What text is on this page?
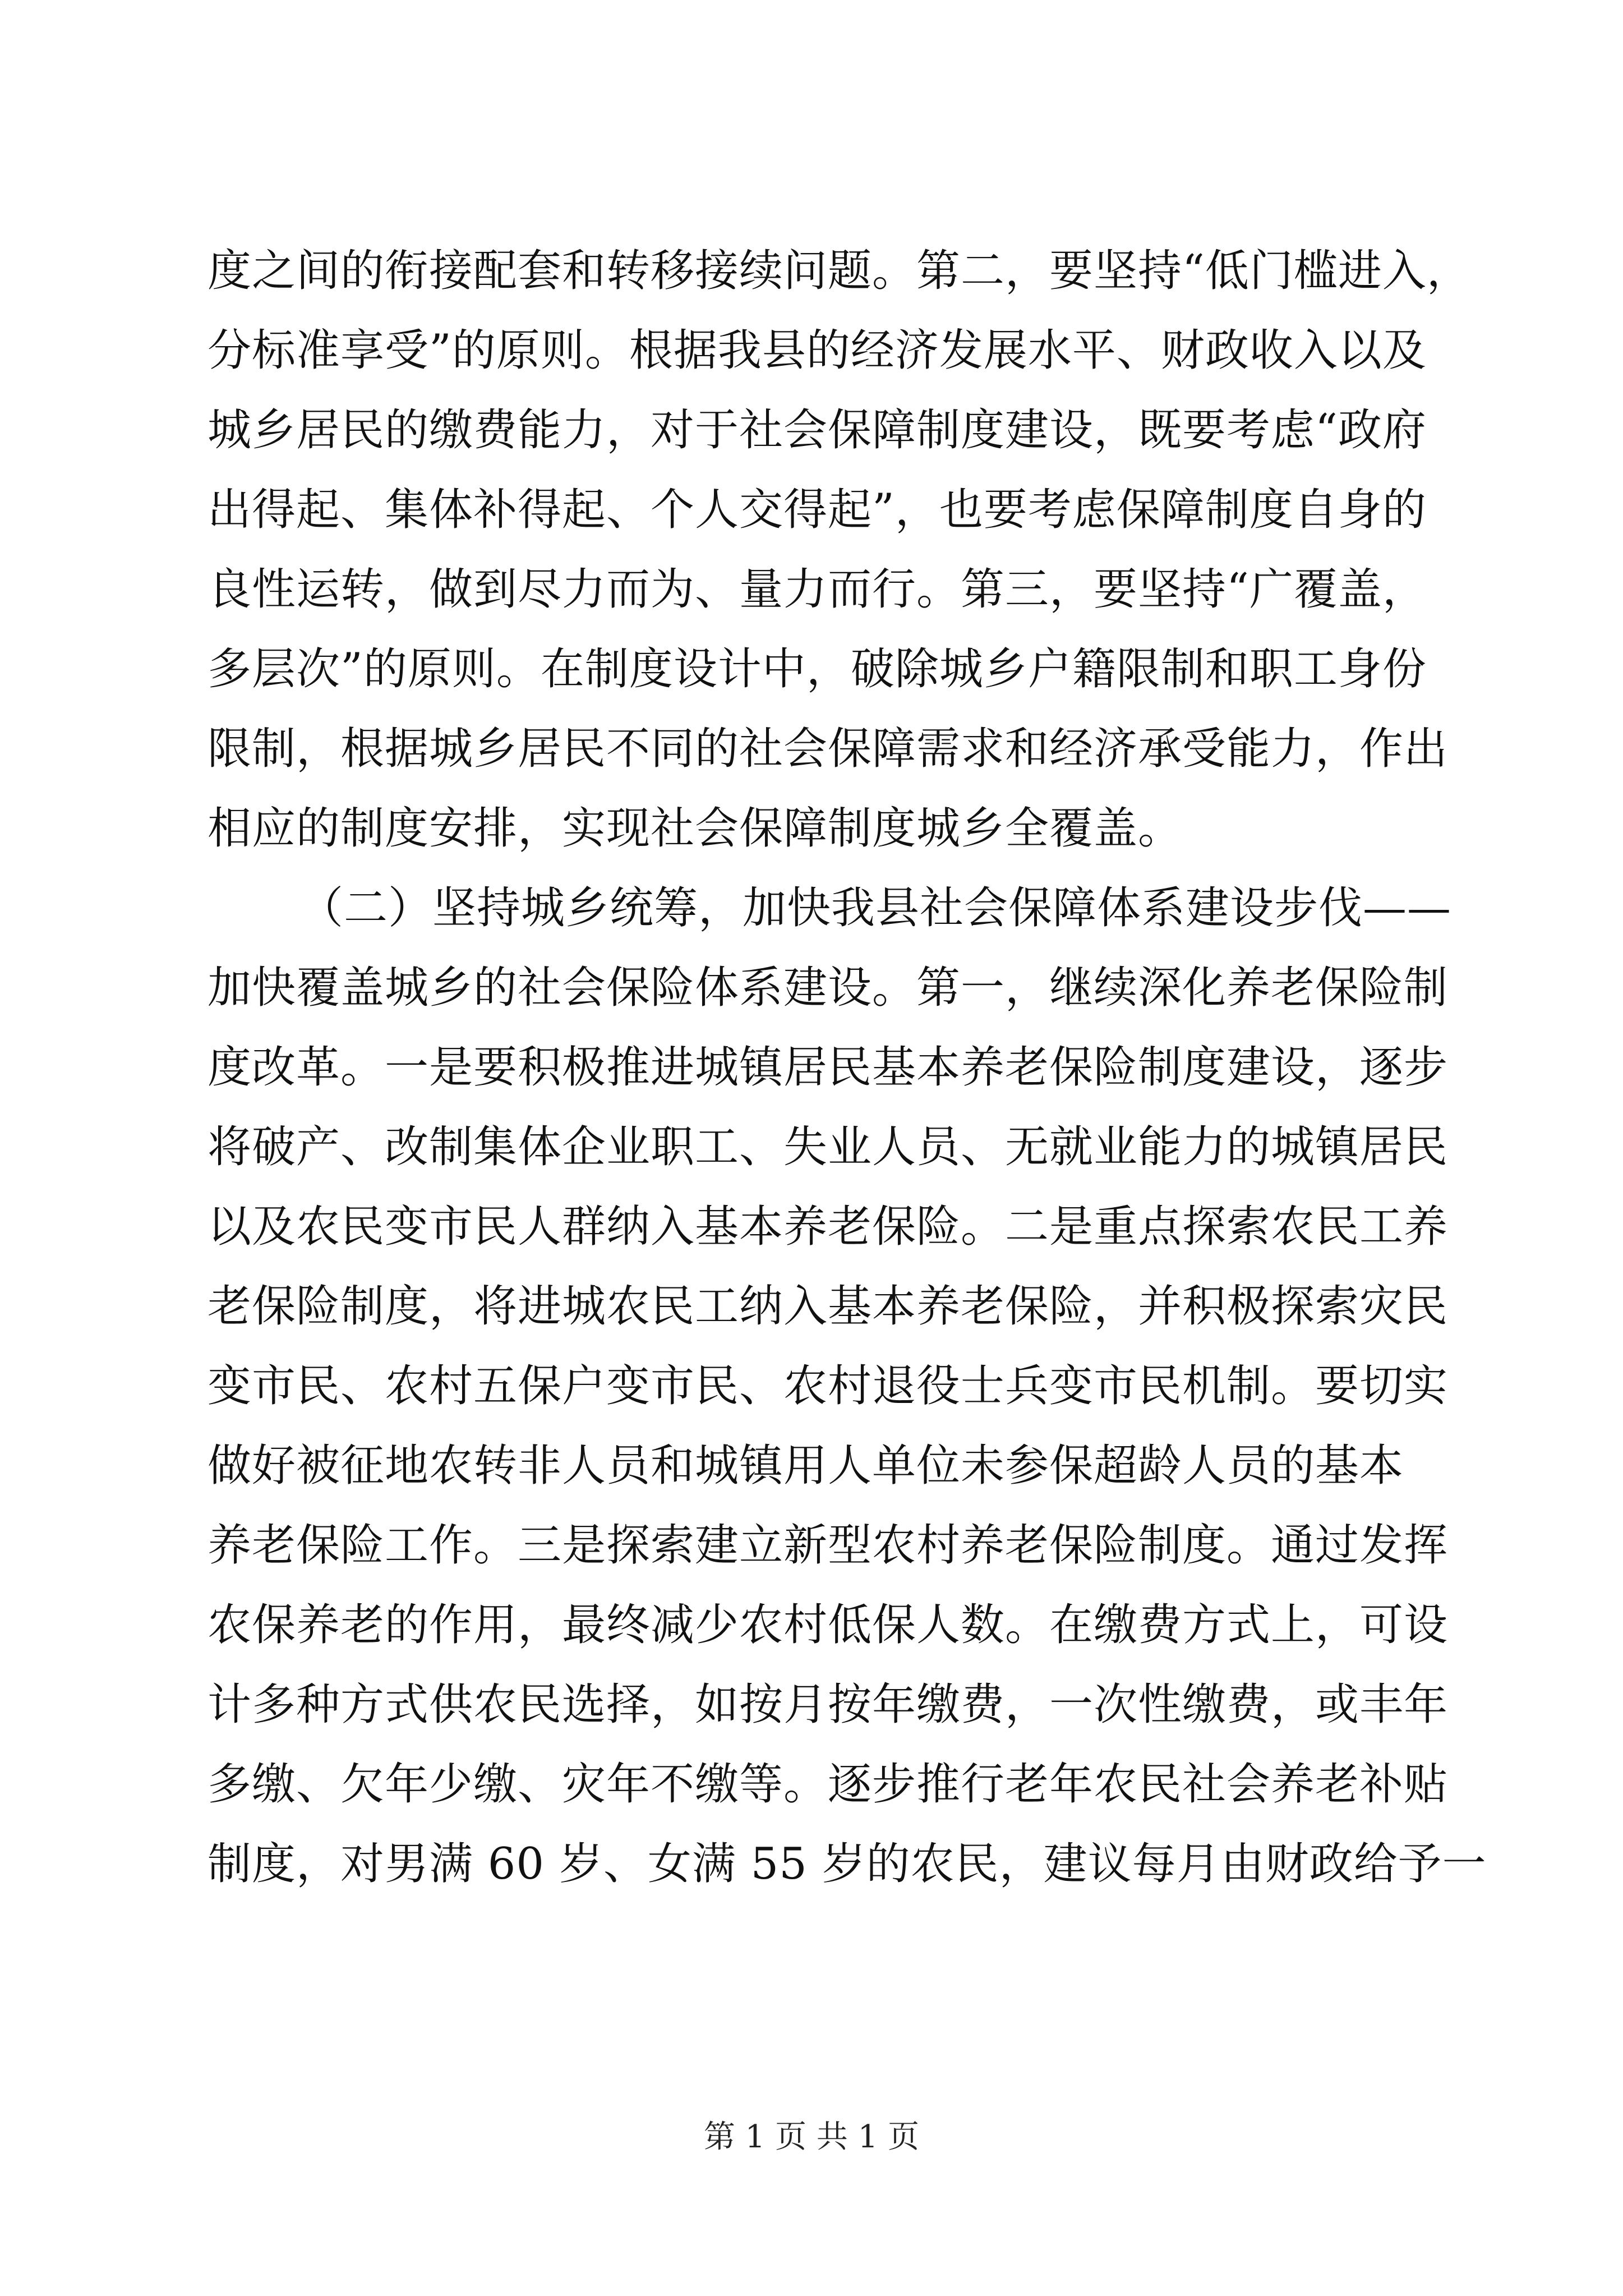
度之间的衔接配套和转移接续问题。第二，要坚持“低门槛进入，
分标准享受”的原则。根据我县的经济发展水平、财政收入以及
城乡居民的缴费能力，对于社会保障制度建设，既要考虑“政府
出得起、集体补得起、个人交得起”，也要考虑保障制度自身的
良性运转，做到尽力而为、量力而行。第三，要坚持“广覆盖，
多层次”的原则。在制度设计中，破除城乡户籍限制和职工身份
限制，根据城乡居民不同的社会保障需求和经济承受能力，作出
相应的制度安排，实现社会保障制度城乡全覆盖。
（二）坚持城乡统筹，加快我县社会保障体系建设步伐——
加快覆盖城乡的社会保险体系建设。第一，继续深化养老保险制
度改革。一是要积极推进城镇居民基本养老保险制度建设，逐步
将破产、改制集体企业职工、失业人员、无就业能力的城镇居民
以及农民变市民人群纳入基本养老保险。二是重点探索农民工养
老保险制度，将进城农民工纳入基本养老保险，并积极探索灾民
变市民、农村五保户变市民、农村退役士兵变市民机制。要切实
做好被征地农转非人员和城镇用人单位未参保超龄人员的基本
养老保险工作。三是探索建立新型农村养老保险制度。通过发挥
农保养老的作用，最终减少农村低保人数。在缴费方式上，可设
计多种方式供农民选择，如按月按年缴费，一次性缴费，或丰年
多缴、欠年少缴、灾年不缴等。逐步推行老年农民社会养老补贴
制度，对男满 60 岁、女满 55 岁的农民，建议每月由财政给予一
第 1 页 共 1 页
